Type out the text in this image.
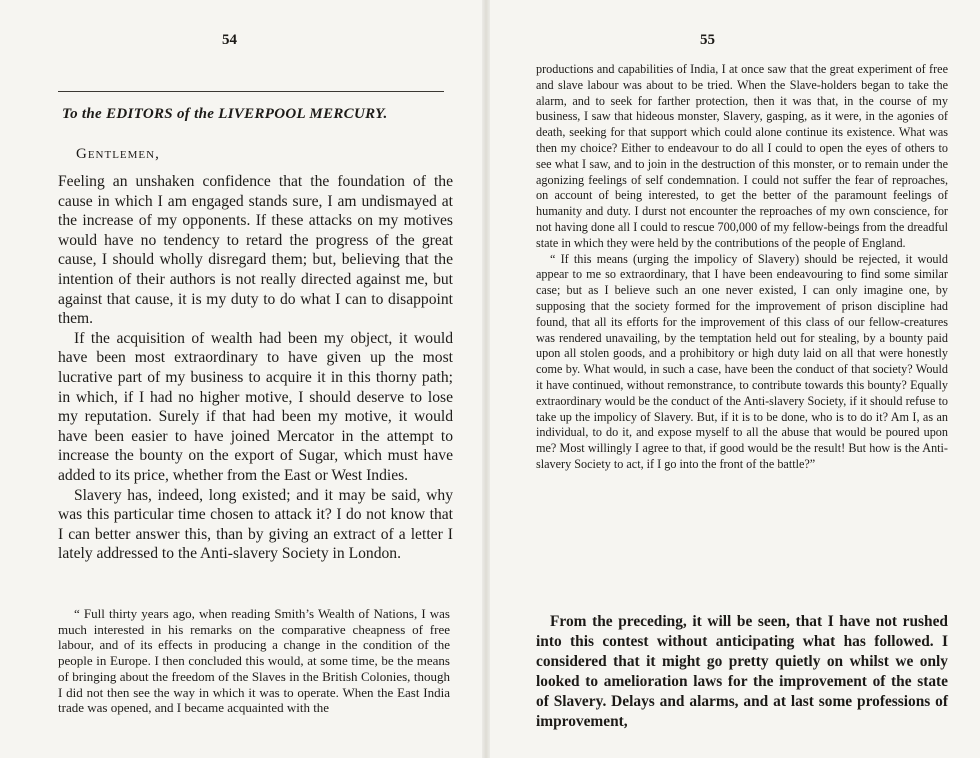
54
To the EDITORS of the LIVERPOOL MERCURY.
Gentlemen,

Feeling an unshaken confidence that the foundation of the cause in which I am engaged stands sure, I am undismayed at the increase of my opponents. If these attacks on my motives would have no tendency to retard the progress of the great cause, I should wholly disregard them; but, believing that the intention of their authors is not really directed against me, but against that cause, it is my duty to do what I can to disappoint them.

If the acquisition of wealth had been my object, it would have been most extraordinary to have given up the most lucrative part of my business to acquire it in this thorny path; in which, if I had no higher motive, I should deserve to lose my reputation. Surely if that had been my motive, it would have been easier to have joined Mercator in the attempt to increase the bounty on the export of Sugar, which must have added to its price, whether from the East or West Indies.

Slavery has, indeed, long existed; and it may be said, why was this particular time chosen to attack it? I do not know that I can better answer this, than by giving an extract of a letter I lately addressed to the Anti-slavery Society in London.

“ Full thirty years ago, when reading Smith’s Wealth of Nations, I was much interested in his remarks on the comparative cheapness of free labour, and of its effects in producing a change in the condition of the people in Europe. I then concluded this would, at some time, be the means of bringing about the freedom of the Slaves in the British Colonies, though I did not then see the way in which it was to operate. When the East India trade was opened, and I became acquainted with the

55

productions and capabilities of India, I at once saw that the great experiment of free and slave labour was about to be tried. When the Slave-holders began to take the alarm, and to seek for farther protection, then it was that, in the course of my business, I saw that hideous monster, Slavery, gasping, as it were, in the agonies of death, seeking for that support which could alone continue its existence. What was then my choice? Either to endeavour to do all I could to open the eyes of others to see what I saw, and to join in the destruction of this monster, or to remain under the agonizing feelings of self condemnation. I could not suffer the fear of reproaches, on account of being interested, to get the better of the paramount feelings of humanity and duty. I durst not encounter the reproaches of my own conscience, for not having done all I could to rescue 700,000 of my fellow-beings from the dreadful state in which they were held by the contributions of the people of England.

“ If this means (urging the impolicy of Slavery) should be rejected, it would appear to me so extraordinary, that I have been endeavouring to find some similar case; but as I believe such an one never existed, I can only imagine one, by supposing that the society formed for the improvement of prison discipline had found, that all its efforts for the improvement of this class of our fellow-creatures was rendered unavailing, by the temptation held out for stealing, by a bounty paid upon all stolen goods, and a prohibitory or high duty laid on all that were honestly come by. What would, in such a case, have been the conduct of that society? Would it have continued, without remonstrance, to contribute towards this bounty? Equally extraordinary would be the conduct of the Anti-slavery Society, if it should refuse to take up the impolicy of Slavery. But, if it is to be done, who is to do it? Am I, as an individual, to do it, and expose myself to all the abuse that would be poured upon me? Most willingly I agree to that, if good would be the result! But how is the Anti-slavery Society to act, if I go into the front of the battle?”

From the preceding, it will be seen, that I have not rushed into this contest without anticipating what has followed. I considered that it might go pretty quietly on whilst we only looked to amelioration laws for the improvement of the state of Slavery. Delays and alarms, and at last some professions of improvement,
